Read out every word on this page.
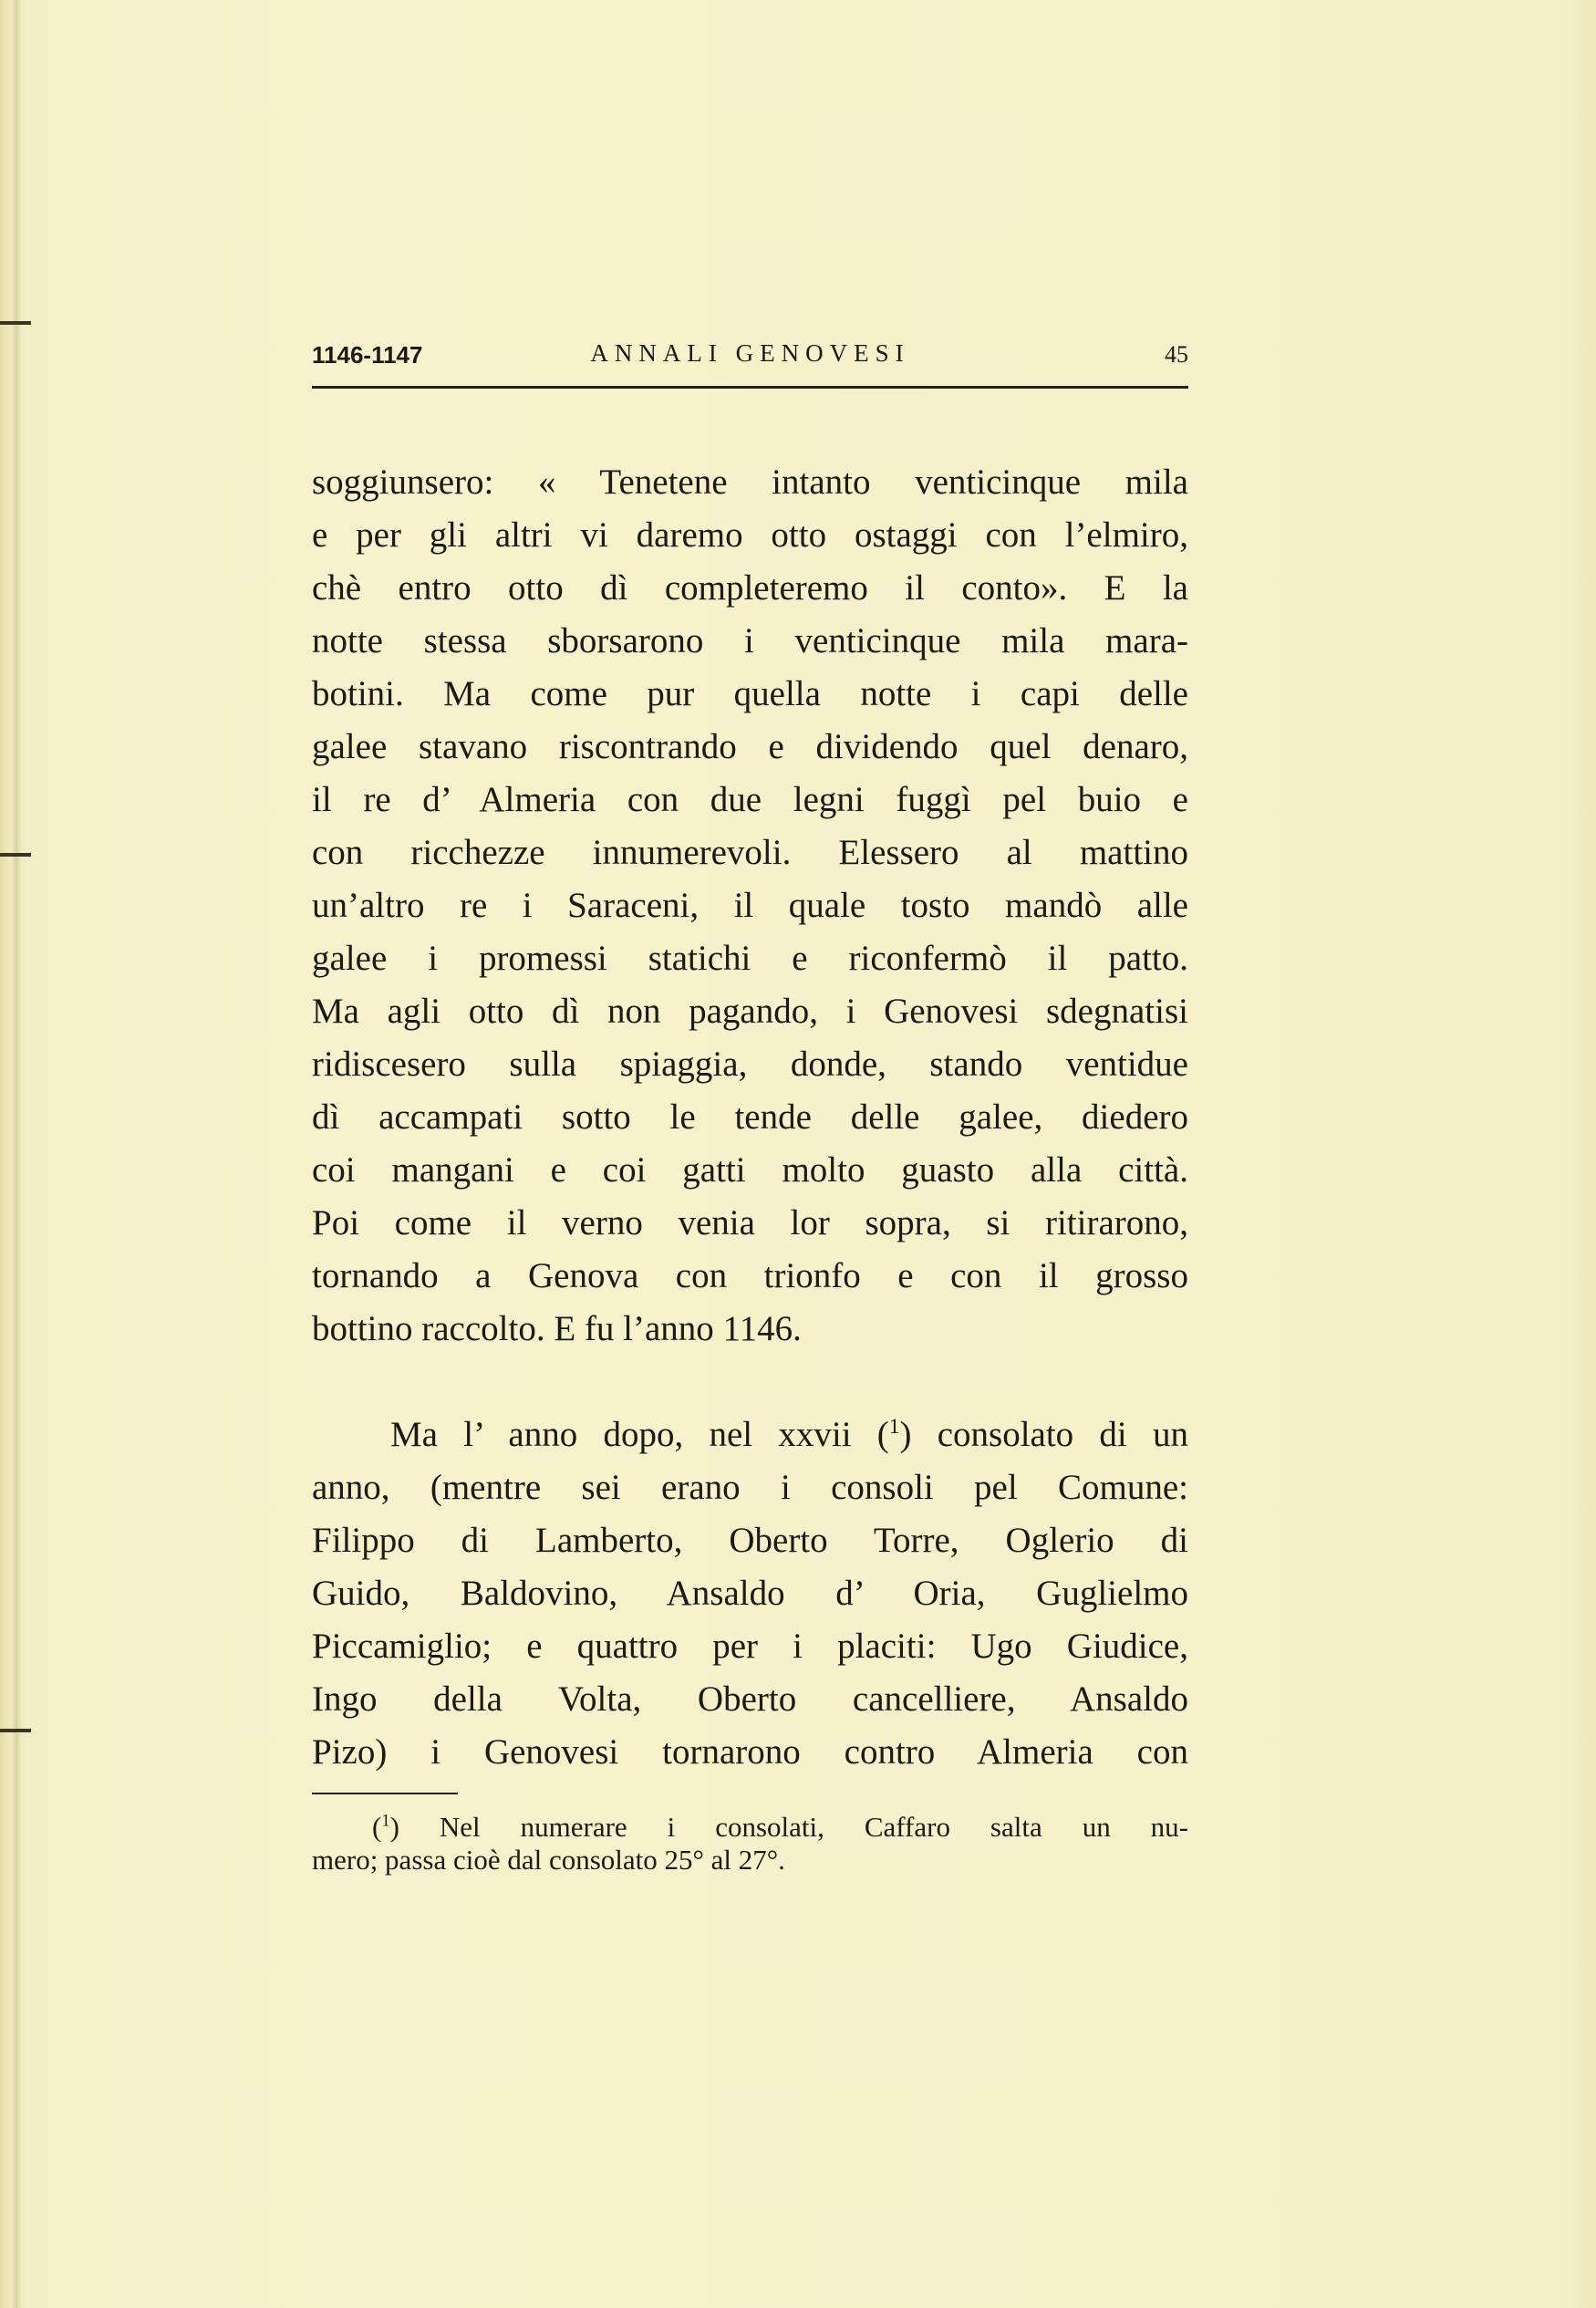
1146-1147	ANNALI GENOVESI	45
soggiunsero: « Tenetene intanto venticinque mila
e per gli altri vi daremo otto ostaggi con l’elmiro,
chè entro otto dì completeremo il conto». E la
notte stessa sborsarono i venticinque mila mara-
botini. Ma come pur quella notte i capi delle
galee stavano riscontrando e dividendo quel denaro,
il re d’ Almeria con due legni fuggì pel buio e
con ricchezze innumerevoli. Elessero al mattino
un’altro re i Saraceni, il quale tosto mandò alle
galee i promessi statichi e riconfermò il patto.
Ma agli otto dì non pagando, i Genovesi sdegnatisi
ridiscesero sulla spiaggia, donde, stando ventidue
dì accampati sotto le tende delle galee, diedero
coi mangani e coi gatti molto guasto alla città.
Poi come il verno venia lor sopra, si ritirarono,
tornando a Genova con trionfo e con il grosso
bottino raccolto. E fu l’anno 1146.
Ma l’ anno dopo, nel xxvii ($^1$) consolato di un
anno, (mentre sei erano i consoli pel Comune:
Filippo di Lamberto, Oberto Torre, Oglerio di
Guido, Baldovino, Ansaldo d’ Oria, Guglielmo
Piccamiglio; e quattro per i placiti: Ugo Giudice,
Ingo della Volta, Oberto cancelliere, Ansaldo
Pizo) i Genovesi tornarono contro Almeria con
($^1$) Nel numerare i consolati, Caffaro salta un nu-
mero; passa cioè dal consolato 25° al 27°.
